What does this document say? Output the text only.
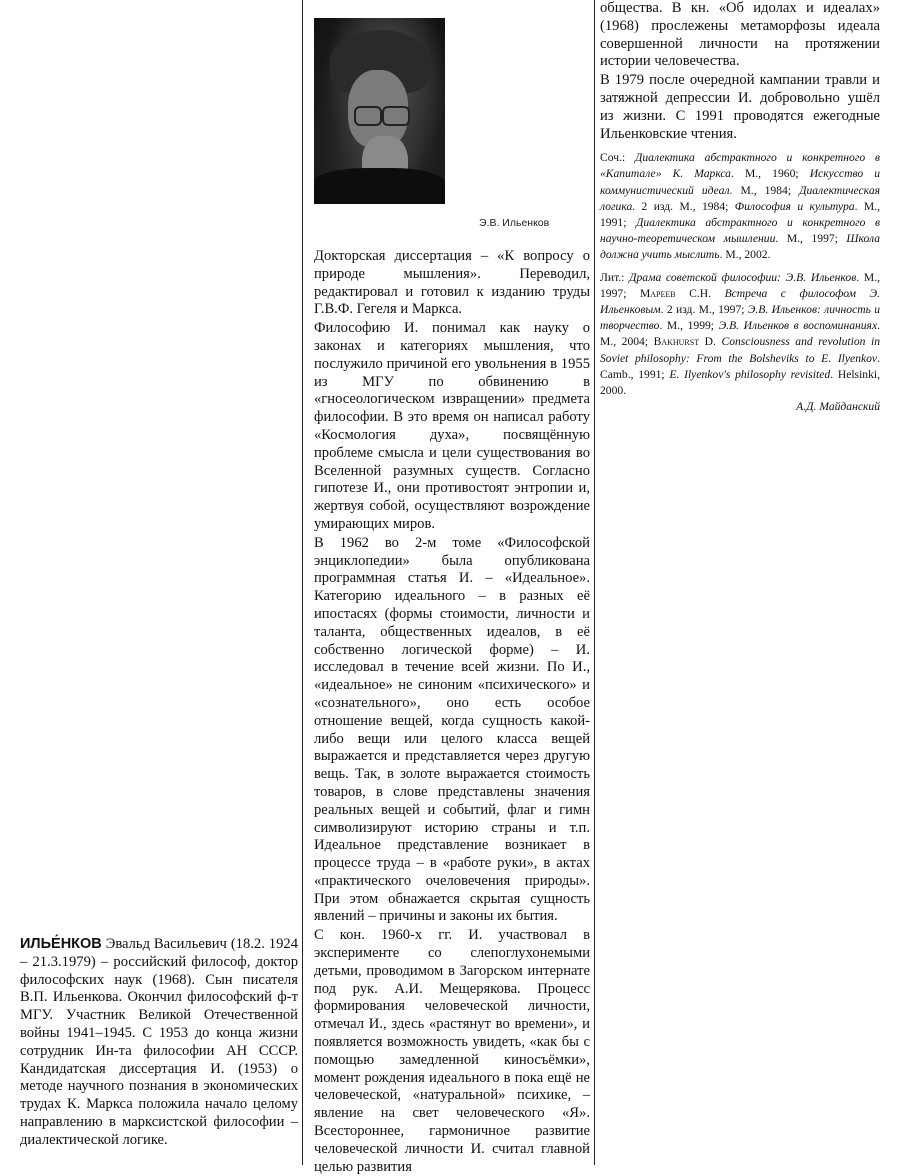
Э.В. Ильенков

ИЛЬЕ́НКОВ Эвальд Васильевич (18.2. 1924 – 21.3.1979) – российский философ, доктор философских наук (1968). Сын писателя В.П. Ильенкова. Окончил философский ф-т МГУ. Участник Великой Отечественной войны 1941–1945. С 1953 до конца жизни сотрудник Ин-та философии АН СССР. Кандидатская диссертация И. (1953) о методе научного познания в экономических трудах К. Маркса положила начало целому направлению в марксистской философии – диалектической логике.

Докторская диссертация – «К вопросу о природе мышления». Переводил, редактировал и готовил к изданию труды Г.В.Ф. Гегеля и Маркса.

Философию И. понимал как науку о законах и категориях мышления, что послужило причиной его увольнения в 1955 из МГУ по обвинению в «гносеологическом извращении» предмета философии. В это время он написал работу «Космология духа», посвящённую проблеме смысла и цели существования во Вселенной разумных существ. Согласно гипотезе И., они противостоят энтропии и, жертвуя собой, осуществляют возрождение умирающих миров.

В 1962 во 2-м томе «Философской энциклопедии» была опубликована программная статья И. – «Идеальное». Категорию идеального – в разных её ипостасях (формы стоимости, личности и таланта, общественных идеалов, в её собственно логической форме) – И. исследовал в течение всей жизни. По И., «идеальное» не синоним «психического» и «сознательного», оно есть особое отношение вещей, когда сущность какой-либо вещи или целого класса вещей выражается и представляется через другую вещь. Так, в золоте выражается стоимость товаров, в слове представлены значения реальных вещей и событий, флаг и гимн символизируют историю страны и т.п. Идеальное представление возникает в процессе труда – в «работе руки», в актах «практического очеловечения природы». При этом обнажается скрытая сущность явлений – причины и законы их бытия.

С кон. 1960-х гг. И. участвовал в эксперименте со слепоглухонемыми детьми, проводимом в Загорском интернате под рук. А.И. Мещерякова. Процесс формирования человеческой личности, отмечал И., здесь «растянут во времени», и появляется возможность увидеть, «как бы с помощью замедленной киносъёмки», момент рождения идеального в пока ещё не человеческой, «натуральной» психике, – явление на свет человеческого «Я». Всестороннее, гармоничное развитие человеческой личности И. считал главной целью развития

общества. В кн. «Об идолах и идеалах» (1968) прослежены метаморфозы идеала совершенной личности на протяжении истории человечества.

В 1979 после очередной кампании травли и затяжной депрессии И. добровольно ушёл из жизни. С 1991 проводятся ежегодные Ильенковские чтения.

Соч.: Диалектика абстрактного и конкретного в «Капитале» К. Маркса. М., 1960; Искусство и коммунистический идеал. М., 1984; Диалектическая логика. 2 изд. М., 1984; Философия и культура. М., 1991; Диалектика абстрактного и конкретного в научно-теоретическом мышлении. М., 1997; Школа должна учить мыслить. М., 2002.

Лит.: Драма советской философии: Э.В. Ильенков. М., 1997; Мареев С.Н. Встреча с философом Э. Ильенковым. 2 изд. М., 1997; Э.В. Ильенков: личность и творчество. М., 1999; Э.В. Ильенков в воспоминаниях. М., 2004; Bakhurst D. Consciousness and revolution in Soviet philosophy: From the Bolsheviks to E. Ilyenkov. Camb., 1991; E. Ilyenkov's philosophy revisited. Helsinki, 2000.

А.Д. Майданский
